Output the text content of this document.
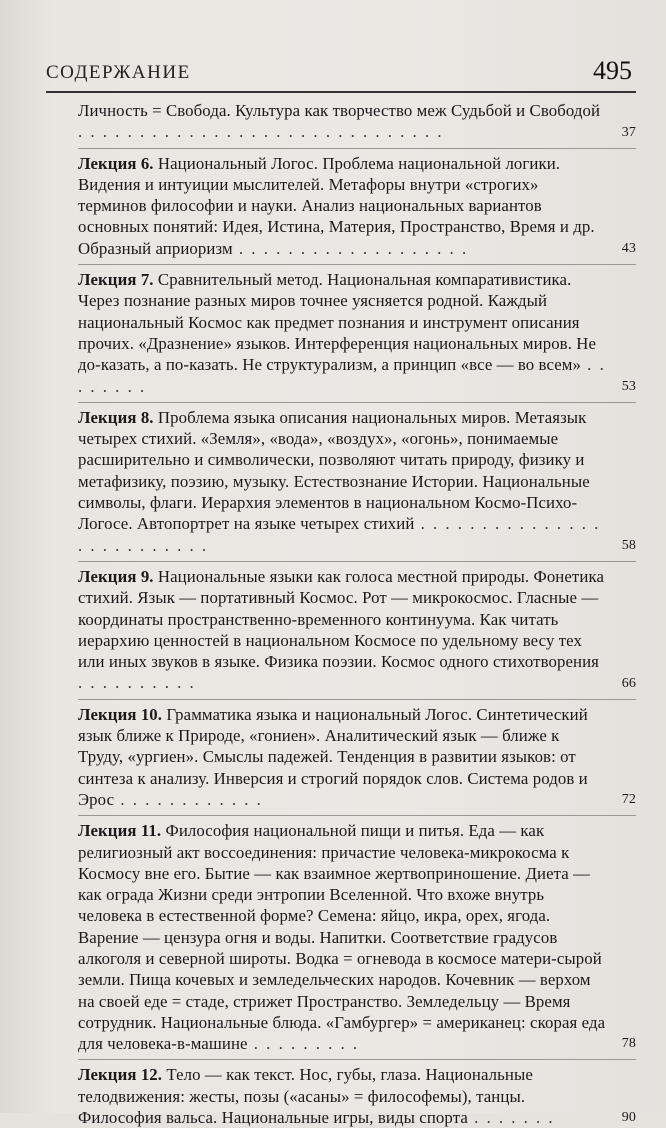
СОДЕРЖАНИЕ	495
Личность = Свобода. Культура как творчество меж Судьбой и Свободой . . . . . . . . . . . . . . . . . . . . . . . . . . . . . .	37
Лекция 6. Национальный Логос. Проблема национальной логики. Видения и интуиции мыслителей. Метафоры внутри «строгих» терминов философии и науки. Анализ национальных вариантов основных понятий: Идея, Истина, Материя, Пространство, Время и др. Образный априоризм . . . . . . . . . . . . . . . . . . .	43
Лекция 7. Сравнительный метод. Национальная компаративистика. Через познание разных миров точнее уясняется родной. Каждый национальный Космос как предмет познания и инструмент описания прочих. «Дразнение» языков. Интерференция национальных миров. Не до-казать, а по-казать. Не структурализм, а принцип «все — во всем» . . . . . . . .	53
Лекция 8. Проблема языка описания национальных миров. Метаязык четырех стихий. «Земля», «вода», «воздух», «огонь», понимаемые расширительно и символически, позволяют читать природу, физику и метафизику, поэзию, музыку. Естествознание Истории. Национальные символы, флаги. Иерархия элементов в национальном Космо-Психо-Логосе. Автопортрет на языке четырех стихий . . . . . . . . . . . . . . . . . . . . . . . . . .	58
Лекция 9. Национальные языки как голоса местной природы. Фонетика стихий. Язык — портативный Космос. Рот — микрокосмос. Гласные — координаты пространственно-временного континуума. Как читать иерархию ценностей в национальном Космосе по удельному весу тех или иных звуков в языке. Физика поэзии. Космос одного стихотворения . . . . . . . . . .	66
Лекция 10. Грамматика языка и национальный Логос. Синтетический язык ближе к Природе, «гониен». Аналитический язык — ближе к Труду, «ургиен». Смыслы падежей. Тенденция в развитии языков: от синтеза к анализу. Инверсия и строгий порядок слов. Система родов и Эрос . . . . . . . . . . . .	72
Лекция 11. Философия национальной пищи и питья. Еда — как религиозный акт воссоединения: причастие человека-микрокосма к Космосу вне его. Бытие — как взаимное жертвоприношение. Диета — как ограда Жизни среди энтропии Вселенной. Что вхоже внутрь человека в естественной форме? Семена: яйцо, икра, орех, ягода. Варение — цензура огня и воды. Напитки. Соответствие градусов алкоголя и северной широты. Водка = огневода в космосе матери-сырой земли. Пища кочевых и земледельческих народов. Кочевник — верхом на своей еде = стаде, стрижет Пространство. Земледельцу — Время сотрудник. Национальные блюда. «Гамбургер» = американец: скорая еда для человека-в-машине . . . . . . . . .	78
Лекция 12. Тело — как текст. Нос, губы, глаза. Национальные телодвижения: жесты, позы («асаны» = философемы), танцы. Философия вальса. Национальные игры, виды спорта . . . . . . .	90
